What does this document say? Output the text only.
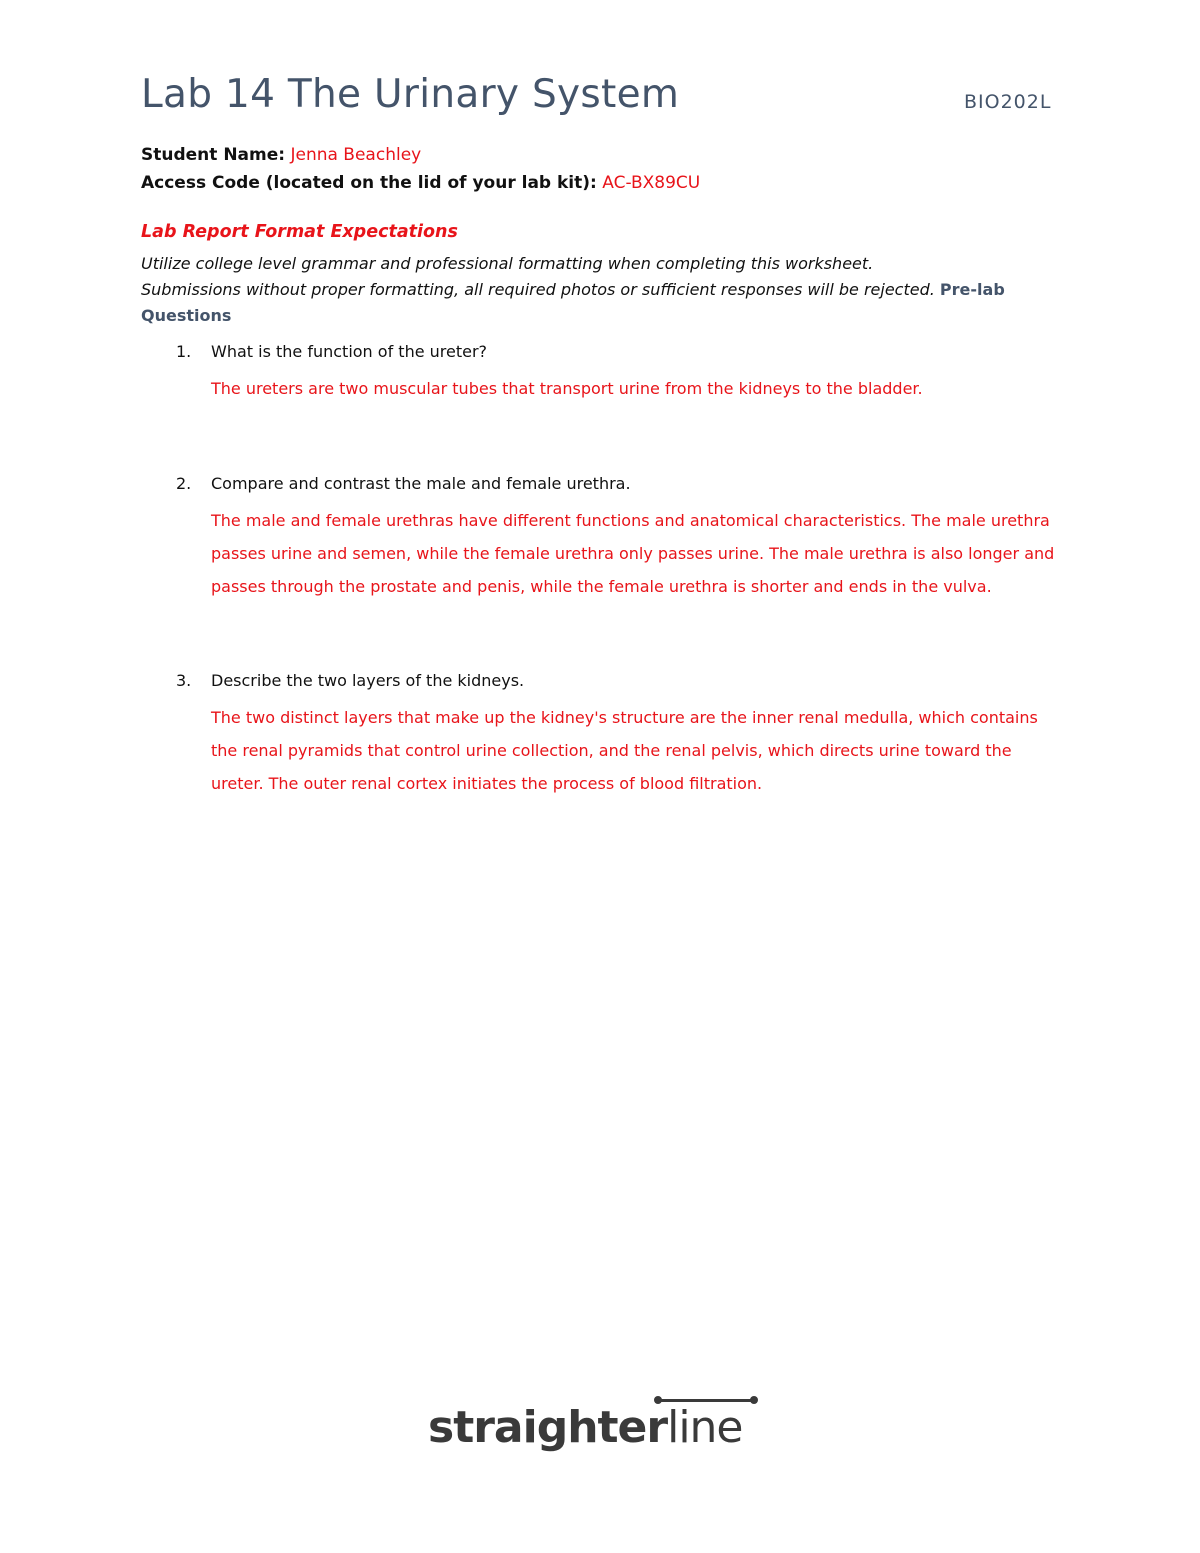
Lab 14 The Urinary System	BIO202L
Student Name: Jenna Beachley
Access Code (located on the lid of your lab kit): AC-BX89CU
Lab Report Format Expectations
Utilize college level grammar and professional formatting when completing this worksheet.
Submissions without proper formatting, all required photos or sufficient responses will be rejected. Pre-lab Questions
1.	What is the function of the ureter?
The ureters are two muscular tubes that transport urine from the kidneys to the bladder.
2.	Compare and contrast the male and female urethra.
The male and female urethras have different functions and anatomical characteristics. The male urethra passes urine and semen, while the female urethra only passes urine. The male urethra is also longer and passes through the prostate and penis, while the female urethra is shorter and ends in the vulva.
3.	Describe the two layers of the kidneys.
The two distinct layers that make up the kidney's structure are the inner renal medulla, which contains the renal pyramids that control urine collection, and the renal pelvis, which directs urine toward the ureter. The outer renal cortex initiates the process of blood filtration.
straighterline
